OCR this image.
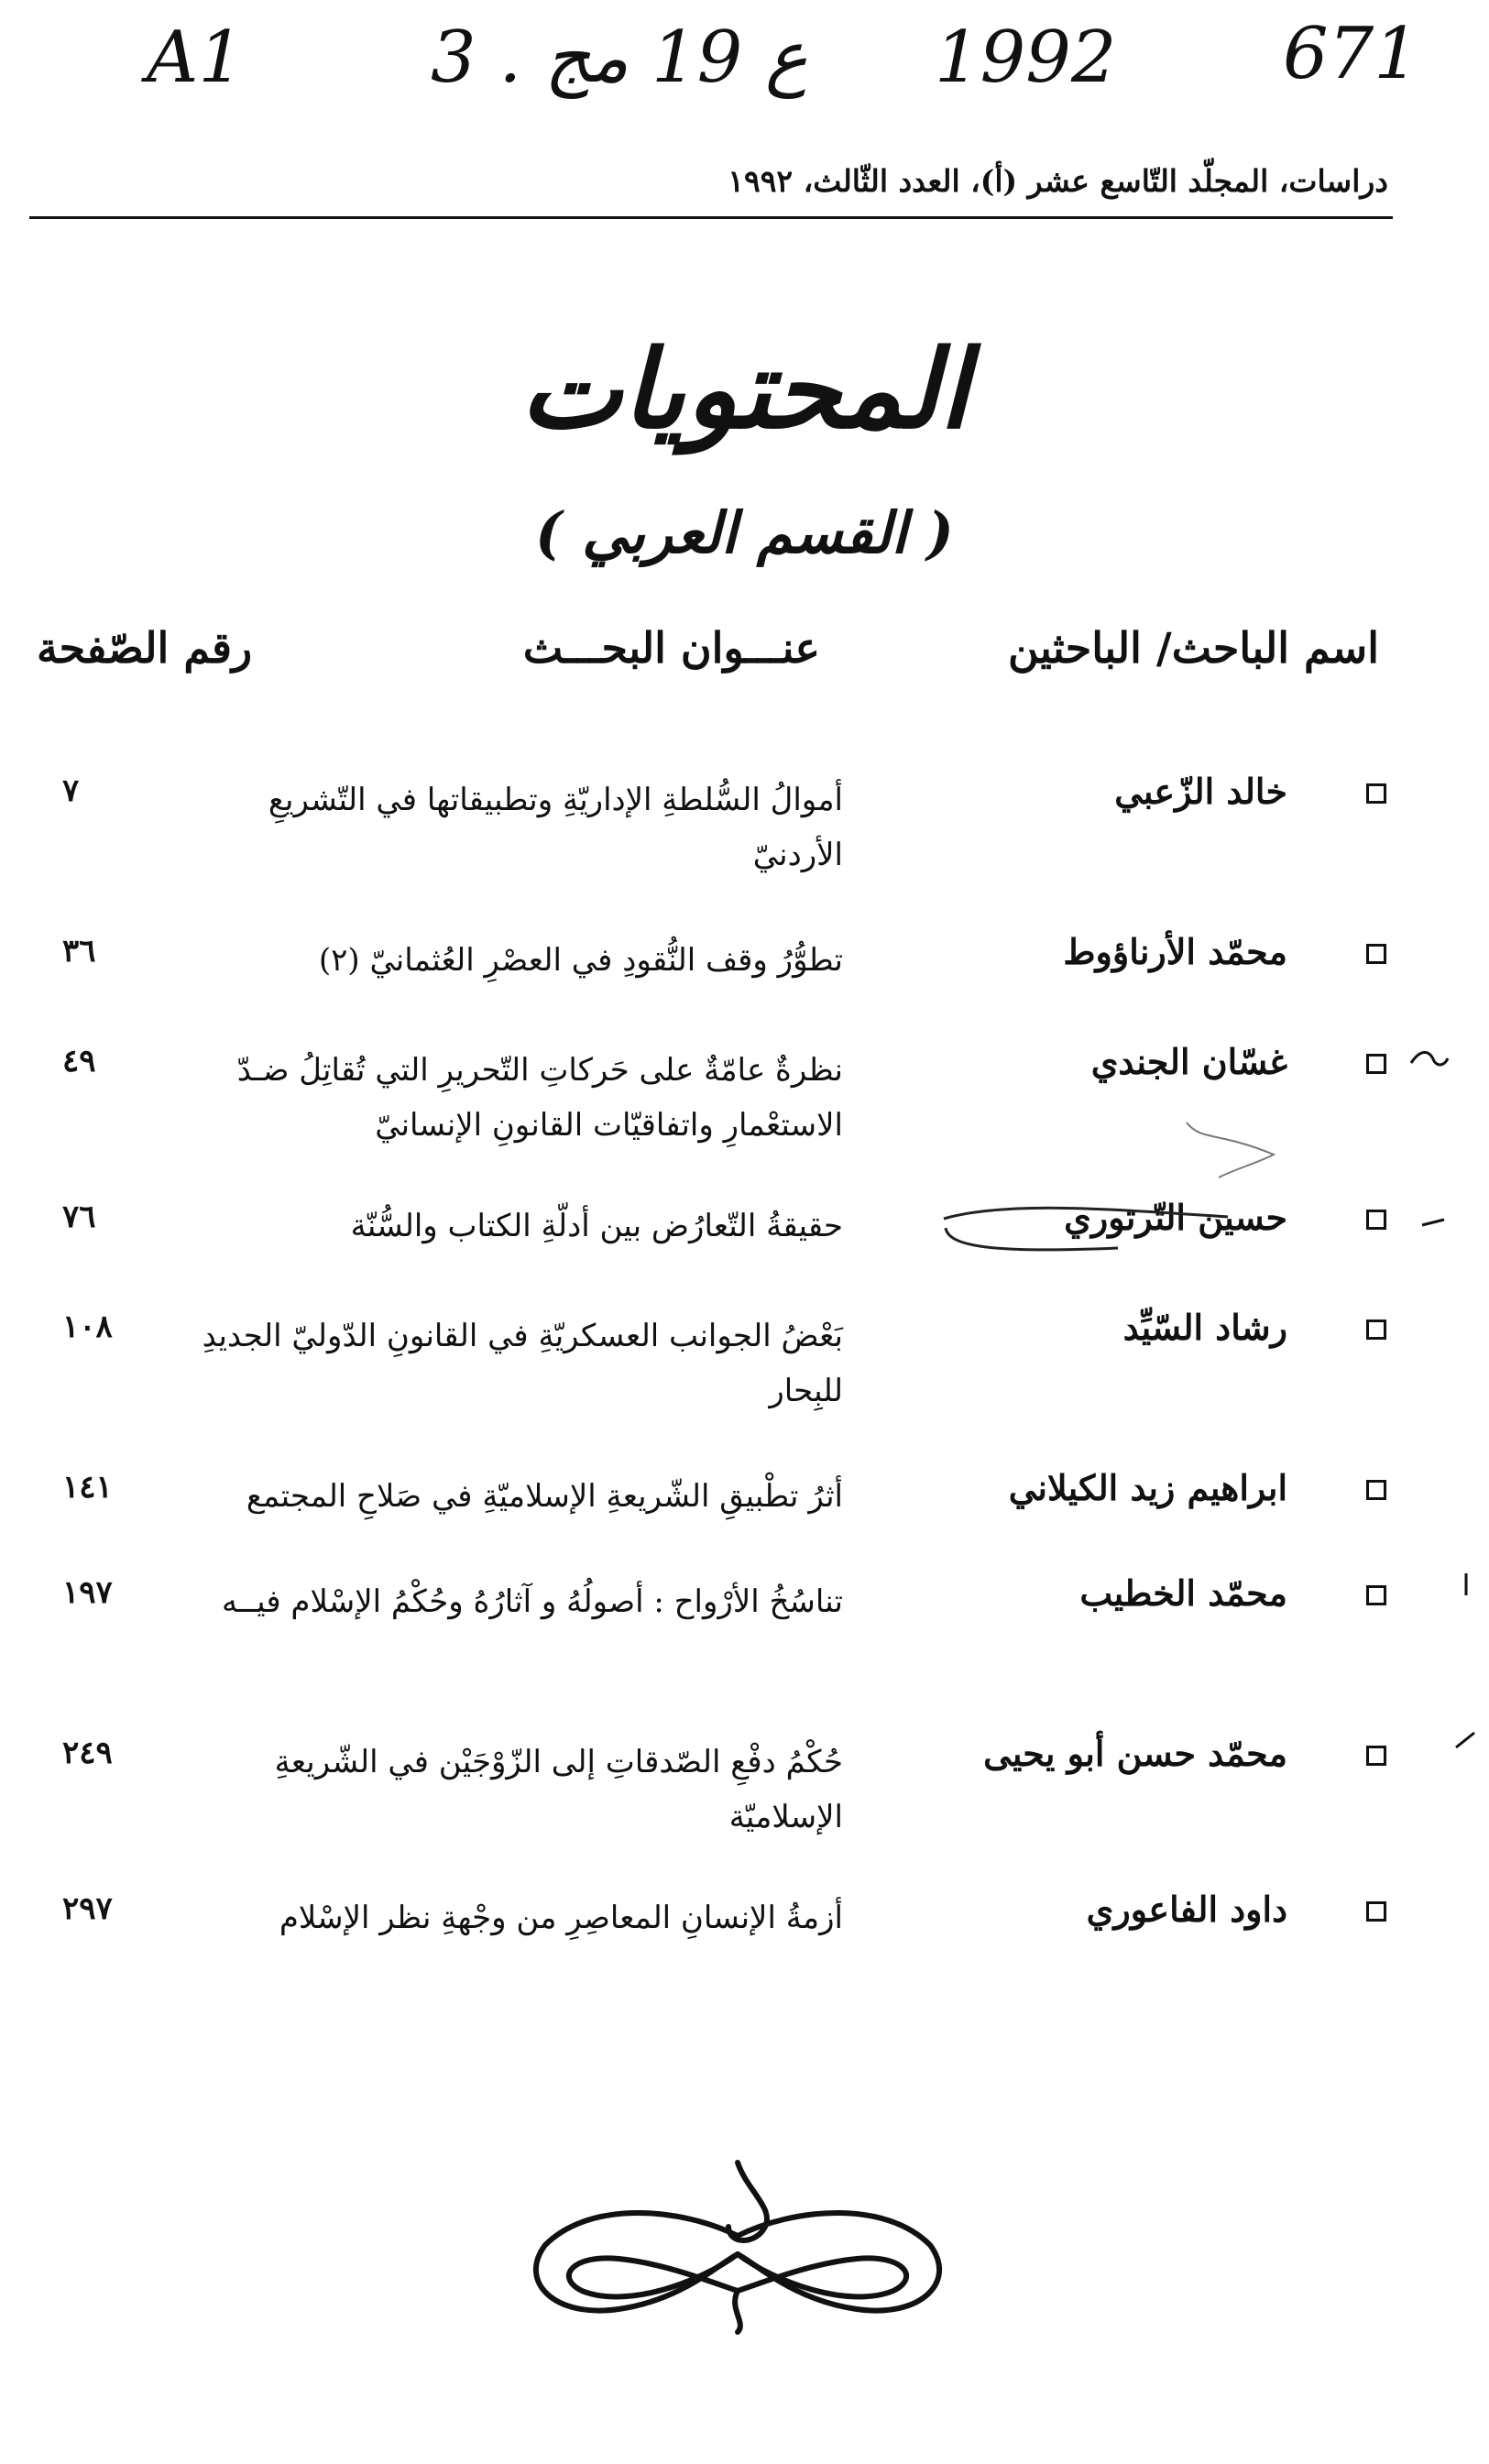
A1	3 . ع 19 مج 1992 671
دراسات، المجلّد التّاسع عشر (أ)، العدد الثّالث، ١٩٩٢
المحتويات
( القسم العربي )
اسم الباحث/ الباحثين
عنـــوان البحـــث
رقم الصّفحة
خالد الزّعبي
أموالُ السُّلطةِ الإداريّةِ وتطبيقاتها في التّشريعِ الأردنيّ
٧
محمّد الأرناؤوط
تطوُّرُ وقف النُّقودِ في العصْرِ العُثمانيّ (٢)
٣٦
غسّان الجندي
نظرةٌ عامّةٌ على حَركاتِ التّحريرِ التي تُقاتِلُ ضـدّ الاستعْمارِ واتفاقيّات القانونِ الإنسانيّ
٤٩
حسين التّرتوري
حقيقةُ التّعارُض بين أدلّةِ الكتاب والسُّنّة
٧٦
رشاد السّيِّد
بَعْضُ الجوانب العسكريّةِ في القانونِ الدّوليّ الجديدِ للبِحار
١٠٨
ابراهيم زيد الكيلاني
أثرُ تطْبيقِ الشّريعةِ الإسلاميّةِ في صَلاحِ المجتمع
١٤١
محمّد الخطيب
تناسُخُ الأرْواح : أصولُهُ و آثارُهُ وحُكْمُ الإسْلام فيــه
١٩٧
محمّد حسن أبو يحيى
حُكْمُ دفْعِ الصّدقاتِ إلى الزّوْجَيْن في الشّريعةِ الإسلاميّة
٢٤٩
داود الفاعوري
أزمةُ الإنسانِ المعاصِرِ من وجْهةِ نظر الإسْلام
٢٩٧
